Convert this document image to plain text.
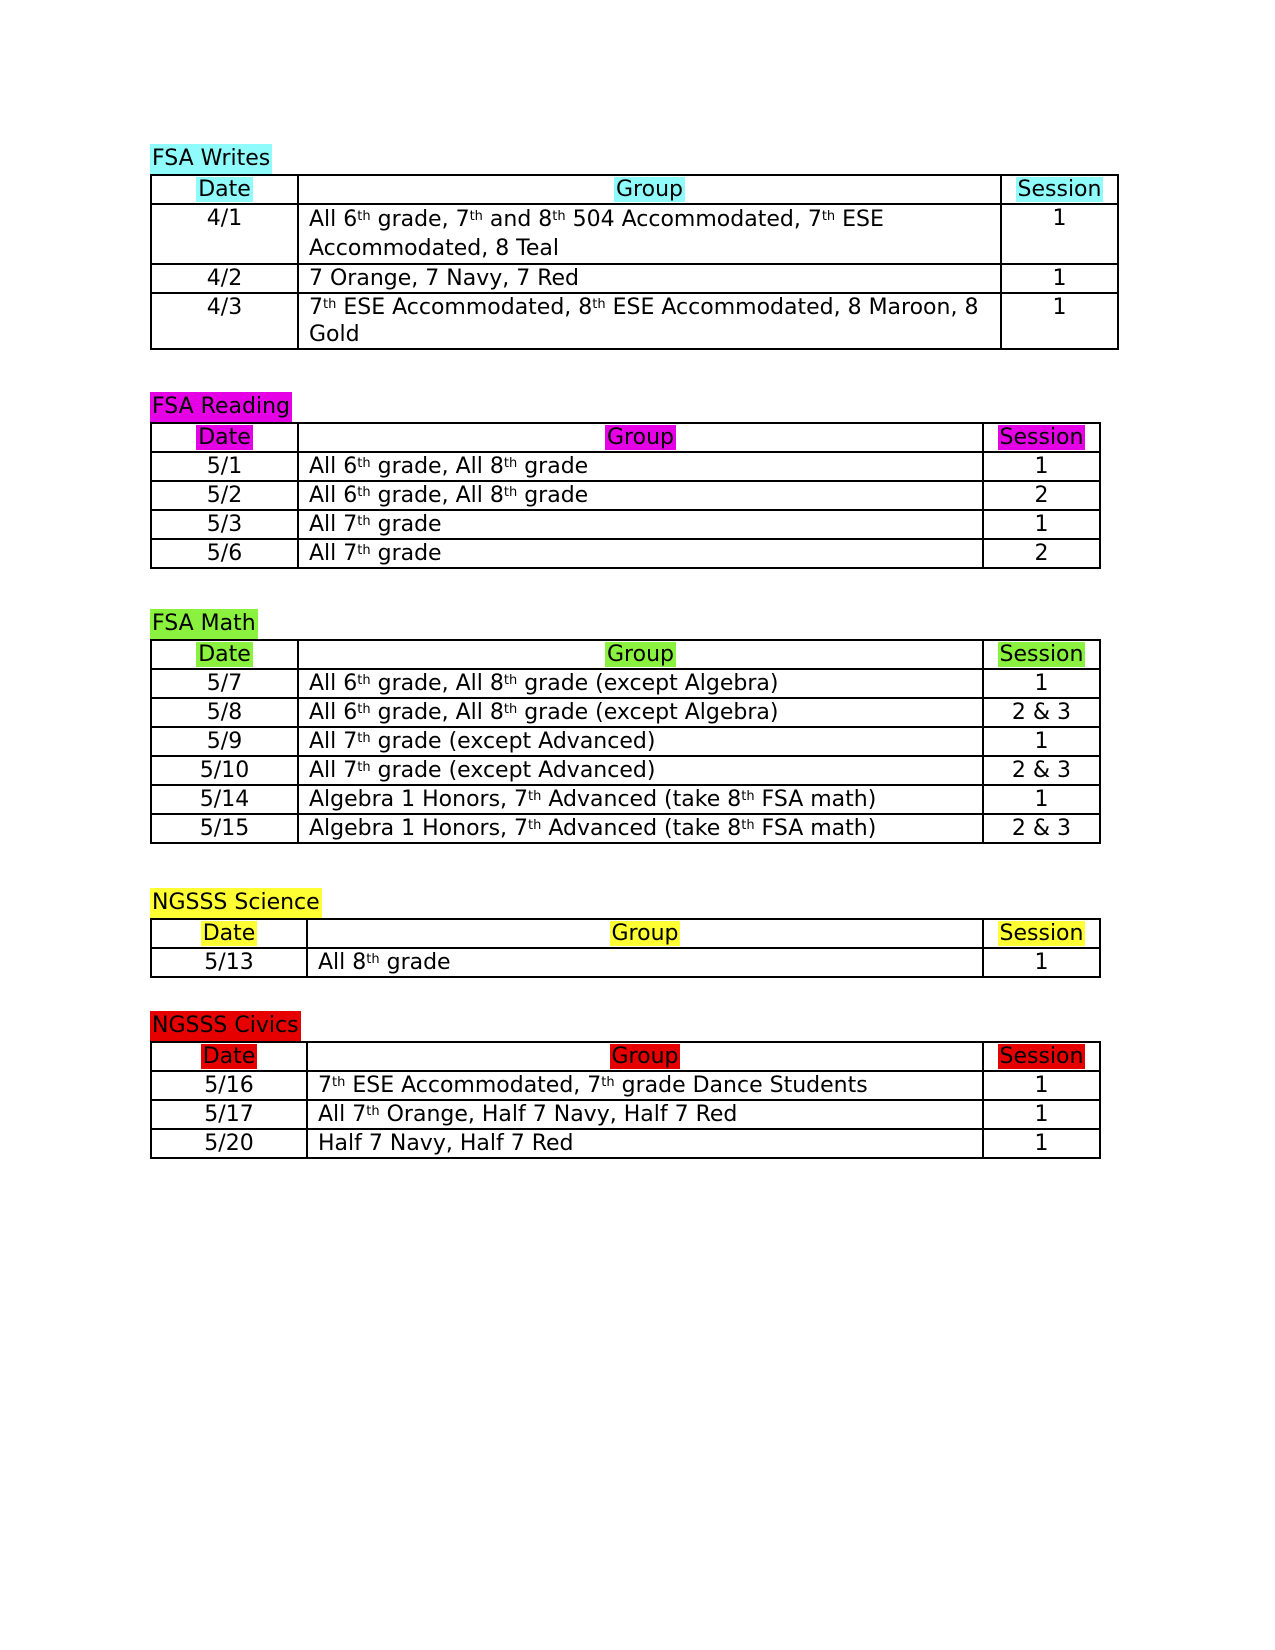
FSA Writes
Date	Group	Session
4/1	All 6th grade, 7th and 8th 504 Accommodated, 7th ESE Accommodated, 8 Teal	1
4/2	7 Orange, 7 Navy, 7 Red	1
4/3	7th ESE Accommodated, 8th ESE Accommodated, 8 Maroon, 8 Gold	1
FSA Reading
Date	Group	Session
5/1	All 6th grade, All 8th grade	1
5/2	All 6th grade, All 8th grade	2
5/3	All 7th grade	1
5/6	All 7th grade	2
FSA Math
Date	Group	Session
5/7	All 6th grade, All 8th grade (except Algebra)	1
5/8	All 6th grade, All 8th grade (except Algebra)	2 & 3
5/9	All 7th grade (except Advanced)	1
5/10	All 7th grade (except Advanced)	2 & 3
5/14	Algebra 1 Honors, 7th Advanced (take 8th FSA math)	1
5/15	Algebra 1 Honors, 7th Advanced (take 8th FSA math)	2 & 3
NGSSS Science
Date	Group	Session
5/13	All 8th grade	1
NGSSS Civics
Date	Group	Session
5/16	7th ESE Accommodated, 7th grade Dance Students	1
5/17	All 7th Orange, Half 7 Navy, Half 7 Red	1
5/20	Half 7 Navy, Half 7 Red	1
